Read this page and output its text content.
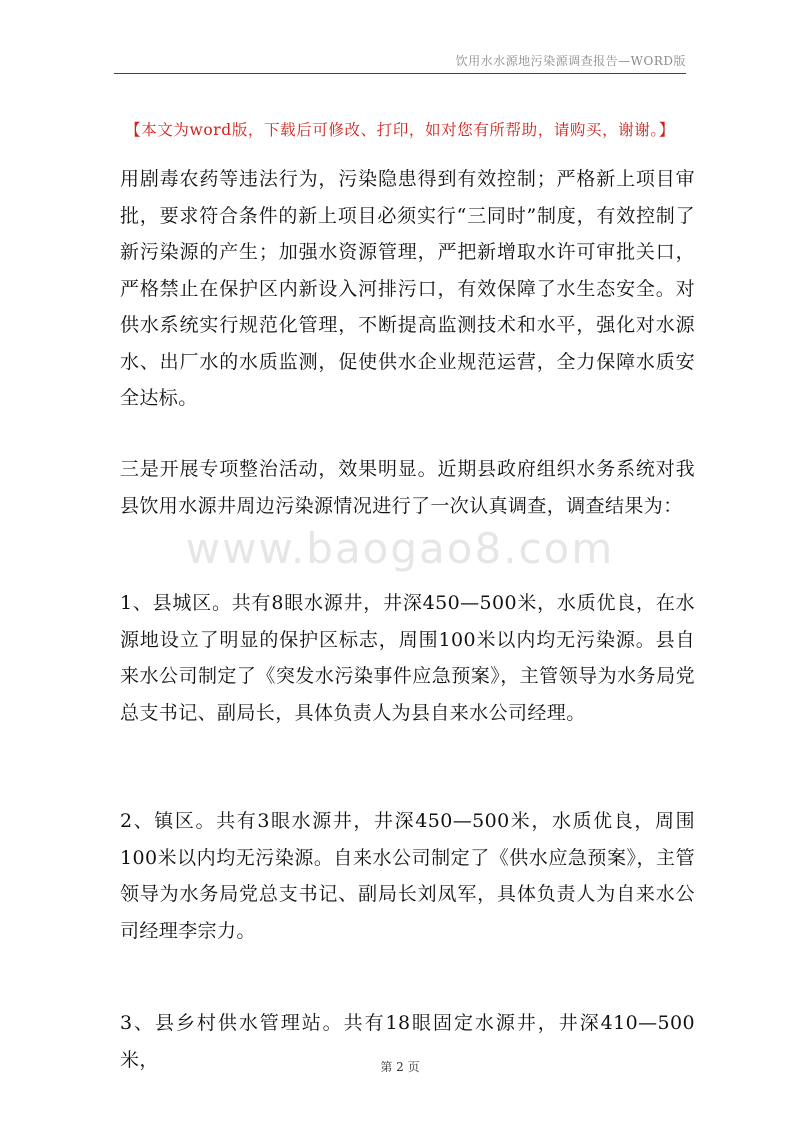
饮用水水源地污染源调查报告—WORD版
【本文为word版，下载后可修改、打印，如对您有所帮助，请购买，谢谢。】

用剧毒农药等违法行为，污染隐患得到有效控制；严格新上项目审批，要求符合条件的新上项目必须实行“三同时”制度，有效控制了新污染源的产生；加强水资源管理，严把新增取水许可审批关口，严格禁止在保护区内新设入河排污口，有效保障了水生态安全。对供水系统实行规范化管理，不断提高监测技术和水平，强化对水源水、出厂水的水质监测，促使供水企业规范运营，全力保障水质安全达标。

三是开展专项整治活动，效果明显。近期县政府组织水务系统对我县饮用水源井周边污染源情况进行了一次认真调查，调查结果为：

www.baogao8.com

1、县城区。共有8眼水源井，井深450—500米，水质优良，在水源地设立了明显的保护区标志，周围100米以内均无污染源。县自来水公司制定了《突发水污染事件应急预案》，主管领导为水务局党总支书记、副局长，具体负责人为县自来水公司经理。

2、镇区。共有3眼水源井，井深450—500米，水质优良，周围100米以内均无污染源。自来水公司制定了《供水应急预案》，主管领导为水务局党总支书记、副局长刘凤军，具体负责人为自来水公司经理李宗力。

3、县乡村供水管理站。共有18眼固定水源井，井深410—500米，	第 2 页
